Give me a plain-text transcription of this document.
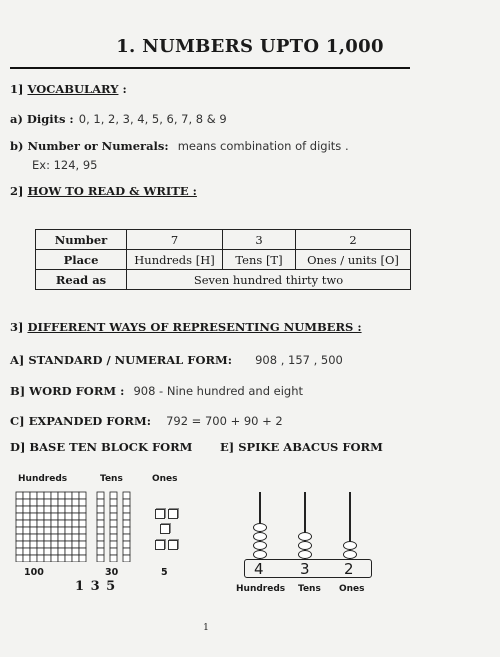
1. NUMBERS UPTO 1,000
1] VOCABULARY :
a) Digits : 0, 1, 2, 3, 4, 5, 6, 7, 8 & 9
b) Number or Numerals: means combination of digits .
Ex: 124, 95
2] HOW TO READ & WRITE :
Number	7	3	2
Place	Hundreds [H]	Tens [T]	Ones / units [O]
Read as	Seven hundred thirty two		
3] DIFFERENT WAYS OF REPRESENTING NUMBERS :
A] STANDARD / NUMERAL FORM: 908 , 157 , 500
B] WORD FORM : 908 - Nine hundred and eight
C] EXPANDED FORM: 792 = 700 + 90 + 2
D] BASE TEN BLOCK FORM E] SPIKE ABACUS FORM
Hundreds	Tens	Ones
100	30	5
1 3 5
4 3 2
Hundreds Tens Ones
1
